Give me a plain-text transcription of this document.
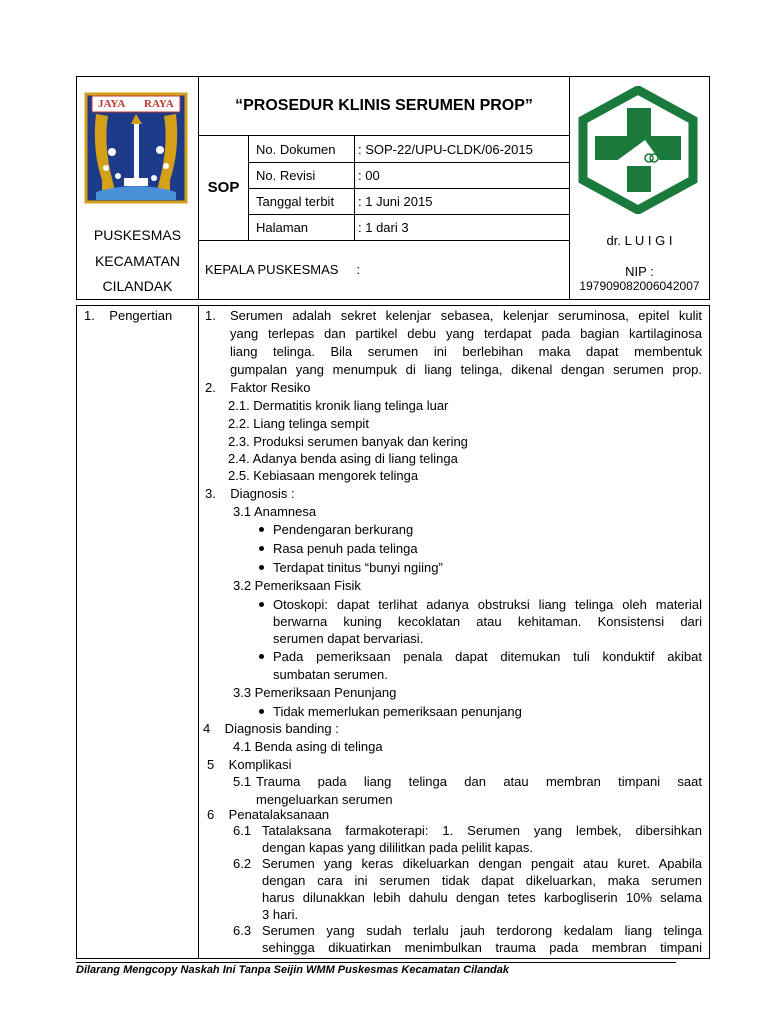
JAYA RAYA
PUSKESMAS
KECAMATAN
CILANDAK
“PROSEDUR KLINIS SERUMEN PROP”
SOP
No. Dokumen : SOP-22/UPU-CLDK/06-2015
No. Revisi	: 00
Tanggal terbit : 1 Juni 2015
Halaman	: 1 dari 3
KEPALA PUSKESMAS     :
dr. L U I G I
NIP :
197909082006042007
1.    Pengertian	1. Serumen adalah sekret kelenjar sebasea, kelenjar seruminosa, epitel kulit
yang terlepas dan partikel debu yang terdapat pada bagian kartilaginosa
liang telinga. Bila serumen ini berlebihan maka dapat membentuk
gumpalan yang menumpuk di liang telinga, dikenal dengan serumen prop.
2.    Faktor Resiko
2.1. Dermatitis kronik liang telinga luar
2.2. Liang telinga sempit
2.3. Produksi serumen banyak dan kering
2.4. Adanya benda asing di liang telinga
2.5. Kebiasaan mengorek telinga
3.    Diagnosis :
3.1 Anamnesa
Pendengaran berkurang
Rasa penuh pada telinga
Terdapat tinitus “bunyi ngiing”
3.2 Pemeriksaan Fisik
Otoskopi: dapat terlihat adanya obstruksi liang telinga oleh material
berwarna kuning kecoklatan atau kehitaman. Konsistensi dari
serumen dapat bervariasi.
Pada pemeriksaan penala dapat ditemukan tuli konduktif akibat
sumbatan serumen.
3.3 Pemeriksaan Penunjang
Tidak memerlukan pemeriksaan penunjang
4    Diagnosis banding :
4.1 Benda asing di telinga
5    Komplikasi
5.1 Trauma pada liang telinga dan atau membran timpani saat
mengeluarkan serumen
6    Penatalaksanaan
6.1 Tatalaksana farmakoterapi: 1. Serumen yang lembek, dibersihkan
dengan kapas yang dililitkan pada pelilit kapas.
6.2 Serumen yang keras dikeluarkan dengan pengait atau kuret. Apabila
dengan cara ini serumen tidak dapat dikeluarkan, maka serumen
harus dilunakkan lebih dahulu dengan tetes karbogliserin 10% selama
3 hari.
6.3 Serumen yang sudah terlalu jauh terdorong kedalam liang telinga
sehingga dikuatirkan menimbulkan trauma pada membran timpani
Dilarang Mengcopy Naskah Ini Tanpa Seijin WMM Puskesmas Kecamatan Cilandak
